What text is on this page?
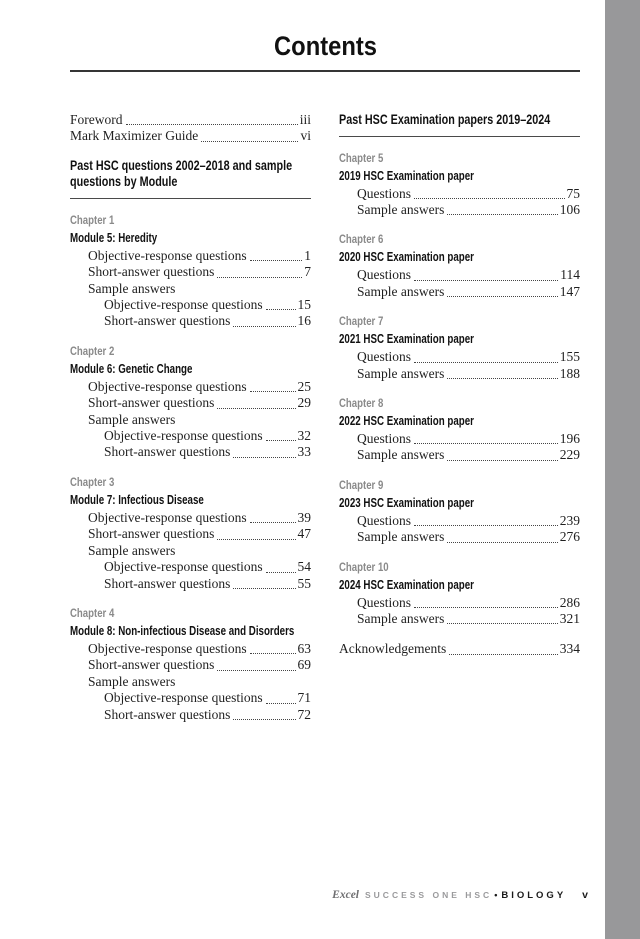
Contents
Foreword	iii
Mark Maximizer Guide	vi
Past HSC questions 2002–2018 and sample questions by Module
Chapter 1
Module 5: Heredity
Objective-response questions	1
Short-answer questions	7
Sample answers
Objective-response questions	15
Short-answer questions	16
Chapter 2
Module 6: Genetic Change
Objective-response questions	25
Short-answer questions	29
Sample answers
Objective-response questions	32
Short-answer questions	33
Chapter 3
Module 7: Infectious Disease
Objective-response questions	39
Short-answer questions	47
Sample answers
Objective-response questions	54
Short-answer questions	55
Chapter 4
Module 8: Non-infectious Disease and Disorders
Objective-response questions	63
Short-answer questions	69
Sample answers
Objective-response questions	71
Short-answer questions	72
Past HSC Examination papers 2019–2024
Chapter 5
2019 HSC Examination paper
Questions	75
Sample answers	106
Chapter 6
2020 HSC Examination paper
Questions	114
Sample answers	147
Chapter 7
2021 HSC Examination paper
Questions	155
Sample answers	188
Chapter 8
2022 HSC Examination paper
Questions	196
Sample answers	229
Chapter 9
2023 HSC Examination paper
Questions	239
Sample answers	276
Chapter 10
2024 HSC Examination paper
Questions	286
Sample answers	321
Acknowledgements	334
Excel SUCCESS ONE HSC • BIOLOGY v
